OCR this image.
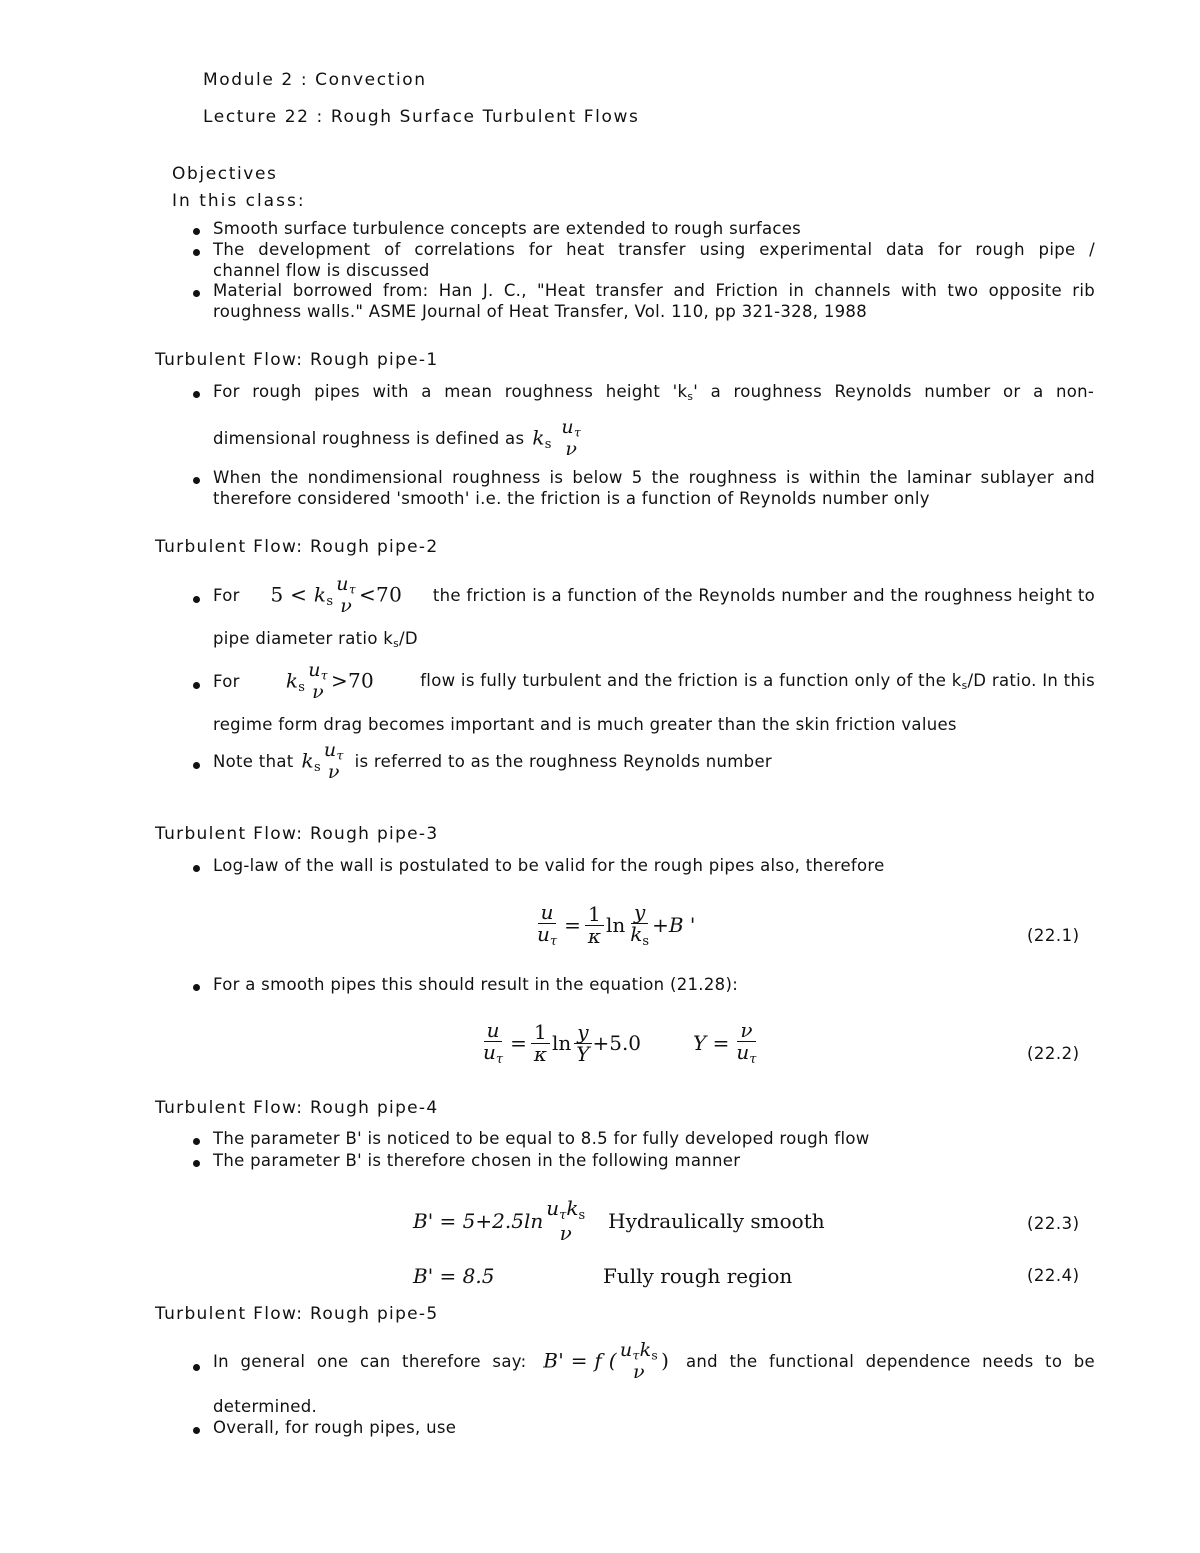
Module 2 : Convection
Lecture 22 : Rough Surface Turbulent Flows
Objectives
In this class:
Smooth surface turbulence concepts are extended to rough surfaces
The development of correlations for heat transfer using experimental data for rough pipe /
channel flow is discussed
Material borrowed from: Han J. C., "Heat transfer and Friction in channels with two opposite rib
roughness walls." ASME Journal of Heat Transfer, Vol. 110, pp 321-328, 1988
Turbulent Flow: Rough pipe-1
For rough pipes with a mean roughness height '$k_s$' a roughness Reynolds number or a non-
dimensional roughness is defined as $k_s$
$u_\tau$
ν
When the nondimensional roughness is below 5 the roughness is within the laminar sublayer and
therefore considered 'smooth' i.e. the friction is a function of Reynolds number only
Turbulent Flow: Rough pipe-2
For $5 < k_s$
$u_\tau$
ν <70 the friction is a function of the Reynolds number and the roughness height to
pipe diameter ratio $k_s/D$
For $k_s$
$u_\tau$
ν >70	flow is fully turbulent and the friction is a function only of the $k_s/D$ ratio. In this
regime form drag becomes important and is much greater than the skin friction values
Note that $k_s$
$u_\tau$
ν is referred to as the roughness Reynolds number
Turbulent Flow: Rough pipe-3
Log-law of the wall is postulated to be valid for the rough pipes also, therefore
$\frac{u}{u_\tau} = \frac{1}{\kappa}$ $\ln \frac{y}{k_s} +B$ '	(22.1)
For a smooth pipes this should result in the equation (21.28):
$\frac{u}{u_\tau} = \frac{1}{\kappa}$ $\ln \frac{y}{Y} +5.0$	$Y = \frac{\nu}{u_\tau}$	(22.2)
Turbulent Flow: Rough pipe-4
The parameter B' is noticed to be equal to 8.5 for fully developed rough flow
The parameter B' is therefore chosen in the following manner
B' = 5+2.5ln
$u_\tau k_s$
ν Hydraulically smooth	(22.3)
B' = 8.5	Fully rough region	(22.4)
Turbulent Flow: Rough pipe-5
In general one can therefore say: B' = f ( $u_\tau k_s$
ν ) and the functional dependence needs to be
determined.
Overall, for rough pipes, use
